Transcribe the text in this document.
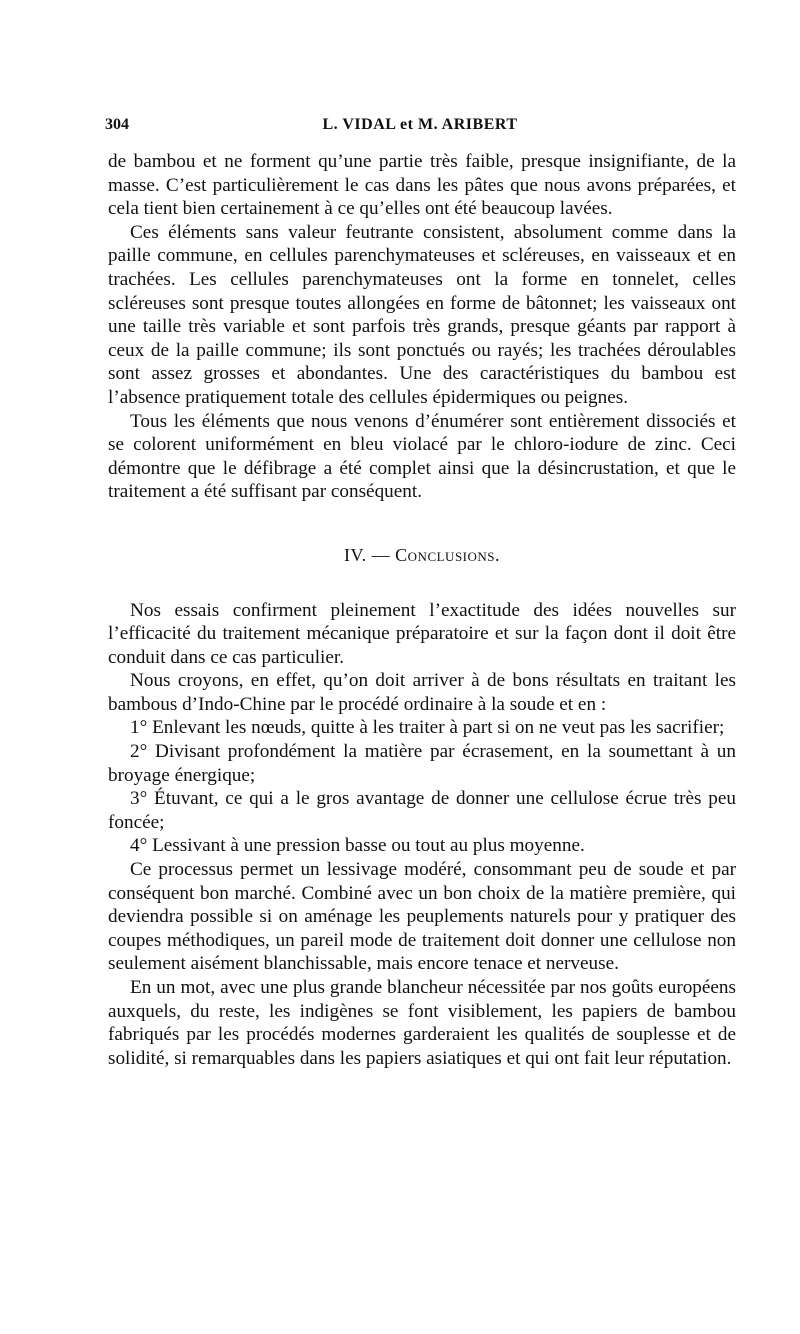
304	L. VIDAL et M. ARIBERT

de bambou et ne forment qu’une partie très faible, presque insignifiante, de la masse. C’est particulièrement le cas dans les pâtes que nous avons préparées, et cela tient bien certainement à ce qu’elles ont été beaucoup lavées.

Ces éléments sans valeur feutrante consistent, absolument comme dans la paille commune, en cellules parenchymateuses et scléreuses, en vaisseaux et en trachées. Les cellules parenchymateuses ont la forme en tonnelet, celles scléreuses sont presque toutes allongées en forme de bâtonnet; les vaisseaux ont une taille très variable et sont parfois très grands, presque géants par rapport à ceux de la paille commune; ils sont ponctués ou rayés; les trachées déroulables sont assez grosses et abondantes. Une des caractéristiques du bambou est l’absence pratiquement totale des cellules épidermiques ou peignes.

Tous les éléments que nous venons d’énumérer sont entièrement dissociés et se colorent uniformément en bleu violacé par le chloro-iodure de zinc. Ceci démontre que le défibrage a été complet ainsi que la désincrustation, et que le traitement a été suffisant par conséquent.

IV. — Conclusions.

Nos essais confirment pleinement l’exactitude des idées nouvelles sur l’efficacité du traitement mécanique préparatoire et sur la façon dont il doit être conduit dans ce cas particulier.

Nous croyons, en effet, qu’on doit arriver à de bons résultats en traitant les bambous d’Indo-Chine par le procédé ordinaire à la soude et en :

1° Enlevant les nœuds, quitte à les traiter à part si on ne veut pas les sacrifier;

2° Divisant profondément la matière par écrasement, en la soumettant à un broyage énergique;

3° Étuvant, ce qui a le gros avantage de donner une cellulose écrue très peu foncée;

4° Lessivant à une pression basse ou tout au plus moyenne.

Ce processus permet un lessivage modéré, consommant peu de soude et par conséquent bon marché. Combiné avec un bon choix de la matière première, qui deviendra possible si on aménage les peuplements naturels pour y pratiquer des coupes méthodiques, un pareil mode de traitement doit donner une cellulose non seulement aisément blanchissable, mais encore tenace et nerveuse.

En un mot, avec une plus grande blancheur nécessitée par nos goûts européens auxquels, du reste, les indigènes se font visiblement, les papiers de bambou fabriqués par les procédés modernes garderaient les qualités de souplesse et de solidité, si remarquables dans les papiers asiatiques et qui ont fait leur réputation.
